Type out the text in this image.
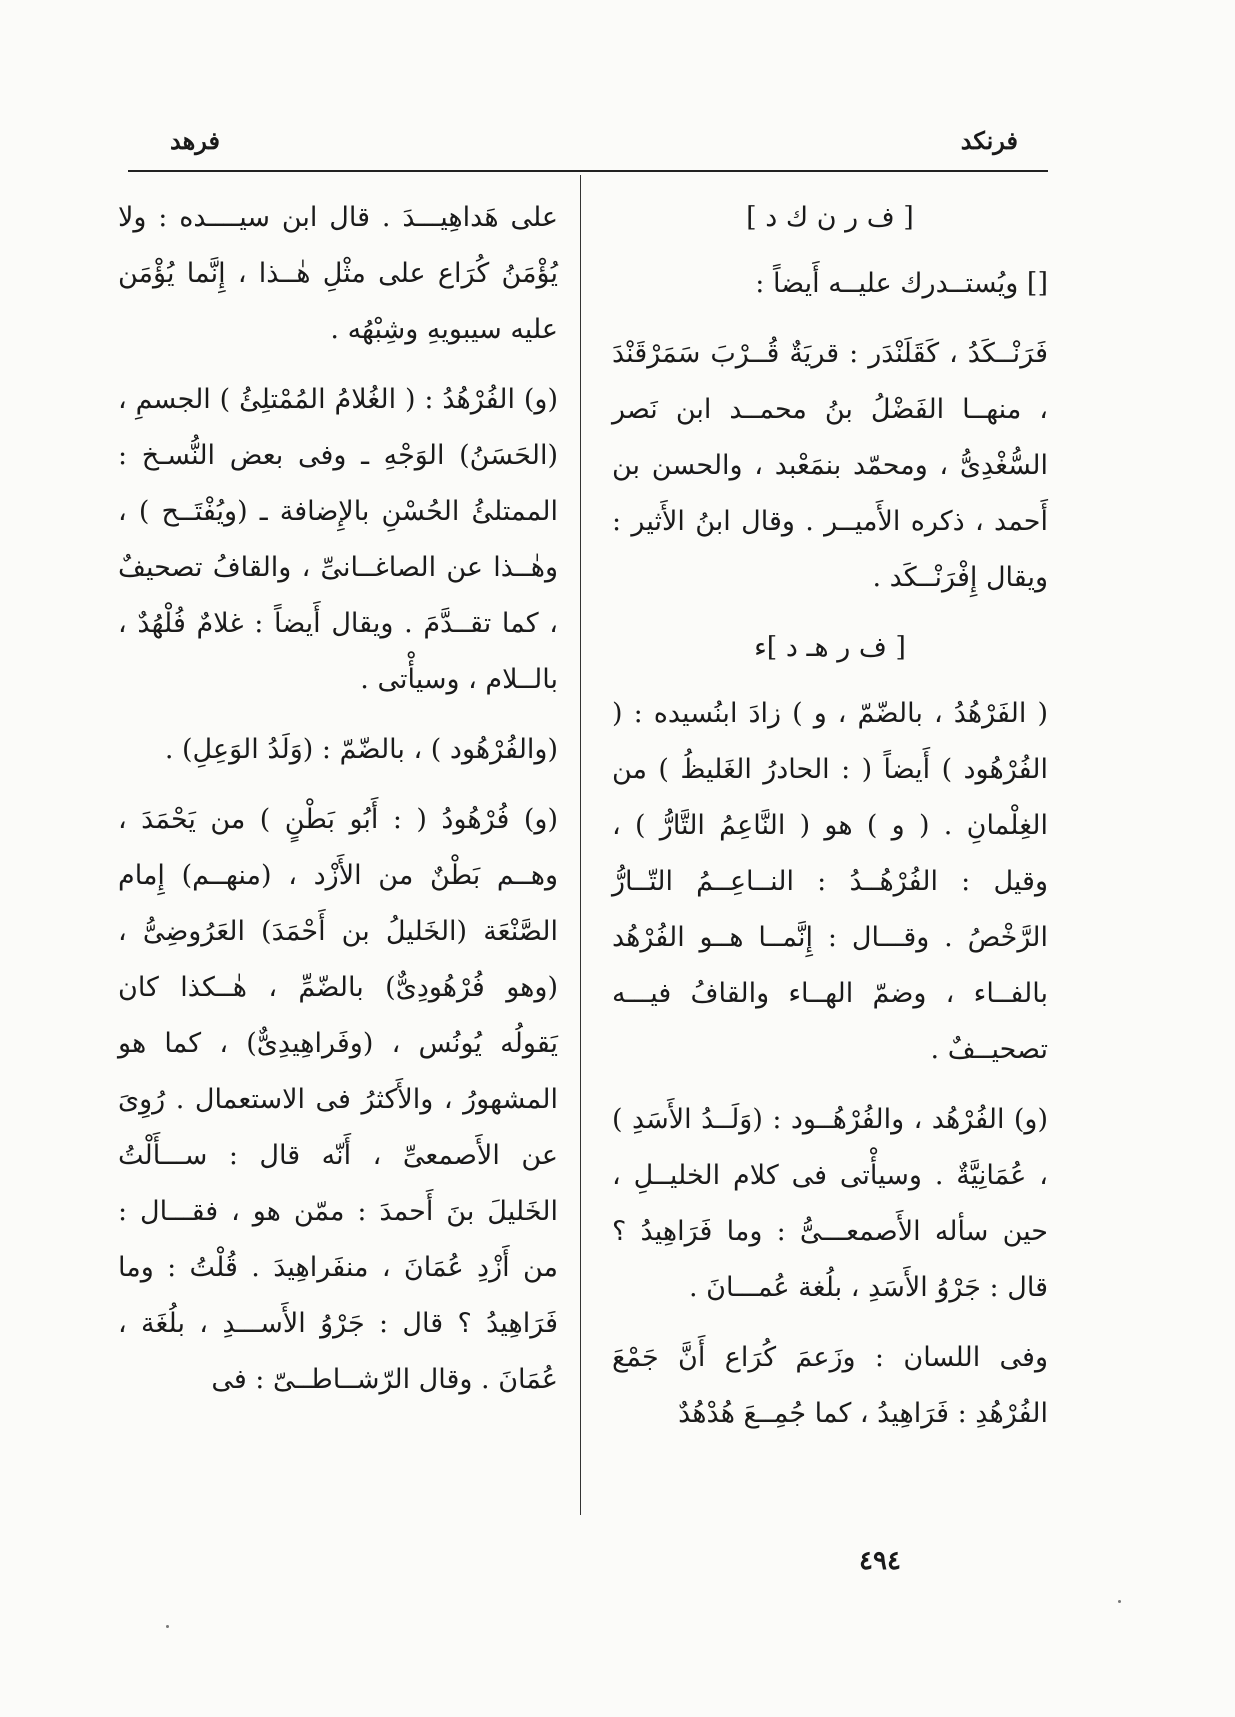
فرنكد
فرهد

[ ف ر ن ك د ]

[] ويُستــدرك عليــه أَيضاً :

فَرَنْــكَدُ ، كَقَلَنْدَر : قريَةٌ قُــرْبَ سَمَرْقَنْدَ ، منهــا الفَضْلُ بنُ محمــد ابن نَصر السُّغْدِىُّ ، ومحمّد بنمَعْبد ، والحسن بن أَحمد ، ذكره الأَميــر . وقال ابنُ الأَثير : ويقال إِفْرَنْــكَد .

[ ف ر هـ د ]ء

( الفَرْهُدُ ، بالضّمّ ، و ) زادَ ابنُسيده : ( الفُرْهُود ) أَيضاً ( : الحادرُ الغَليظُ ) من الغِلْمانِ . ( و ) هو ( النَّاعِمُ التَّارُّ ) ، وقيل : الفُرْهُــدُ : النــاعِــمُ التّــارُّ الرَّخْصُ . وقـــال : إِنَّمــا هــو الفُرْهُد بالفــاء ، وضمّ الهــاء والقافُ فيـــه تصحيــفٌ .

(و) الفُرْهُد ، والفُرْهُــود : (وَلَــدُ الأَسَدِ ) ، عُمَانِيَّةٌ . وسيأْتى فى كلام الخليــلِ ، حين سأله الأَصمعـــىُّ : وما فَرَاهِيدُ ؟ قال : جَرْوُ الأَسَدِ ، بلُغة عُمـــانَ .

وفى اللسان : وزَعمَ كُرَاع أَنَّ جَمْعَ الفُرْهُدِ : فَرَاهِيدُ ، كما جُمِــعَ هُدْهُدٌ

على هَداهِيـــدَ . قال ابن سيــــده : ولا يُؤْمَنُ كُرَاع على مثْلِ هٰــذا ، إِنَّما يُؤْمَن عليه سيبويهِ وشِبْهُه .

(و) الفُرْهُدُ : ( الغُلامُ المُمْتلِئُ ) الجسمِ ، (الحَسَنُ) الوَجْهِ ـ وفى بعض النُّسـخ : الممتلئُ الحُسْنِ بالإِضافة ـ (ويُفْتَــح ) ، وهٰــذا عن الصاغــانىِّ ، والقافُ تصحيفٌ ، كما تقــدَّمَ . ويقال أَيضاً : غلامٌ فُلْهُدٌ ، بالــلام ، وسيأْتى .

(والفُرْهُود ) ، بالضّمّ : (وَلَدُ الوَعِلِ) .

(و) فُرْهُودُ ( : أَبُو بَطْنٍ ) من يَحْمَدَ ، وهــم بَطْنٌ من الأَزْد ، (منهــم) إِمام الصَّنْعَة (الخَليلُ بن أَحْمَدَ) العَرُوضِىُّ ، (وهو فُرْهُودِىٌّ) بالضّمِّ ، هٰــكذا كان يَقولُه يُونُس ، (وفَراهِيدِىٌّ) ، كما هو المشهورُ ، والأَكثرُ فى الاستعمال . رُوِىَ عن الأَصمعىِّ ، أَنّه قال : ســـأَلْتُ الخَليلَ بنَ أَحمدَ : ممّن هو ، فقـــال : من أَزْدِ عُمَانَ ، منفَراهِيدَ . قُلْتُ : وما فَرَاهِيدُ ؟ قال : جَرْوُ الأَســـدِ ، بلُغَة ، عُمَانَ . وقال الرّشــاطــىّ : فى

٤٩٤
